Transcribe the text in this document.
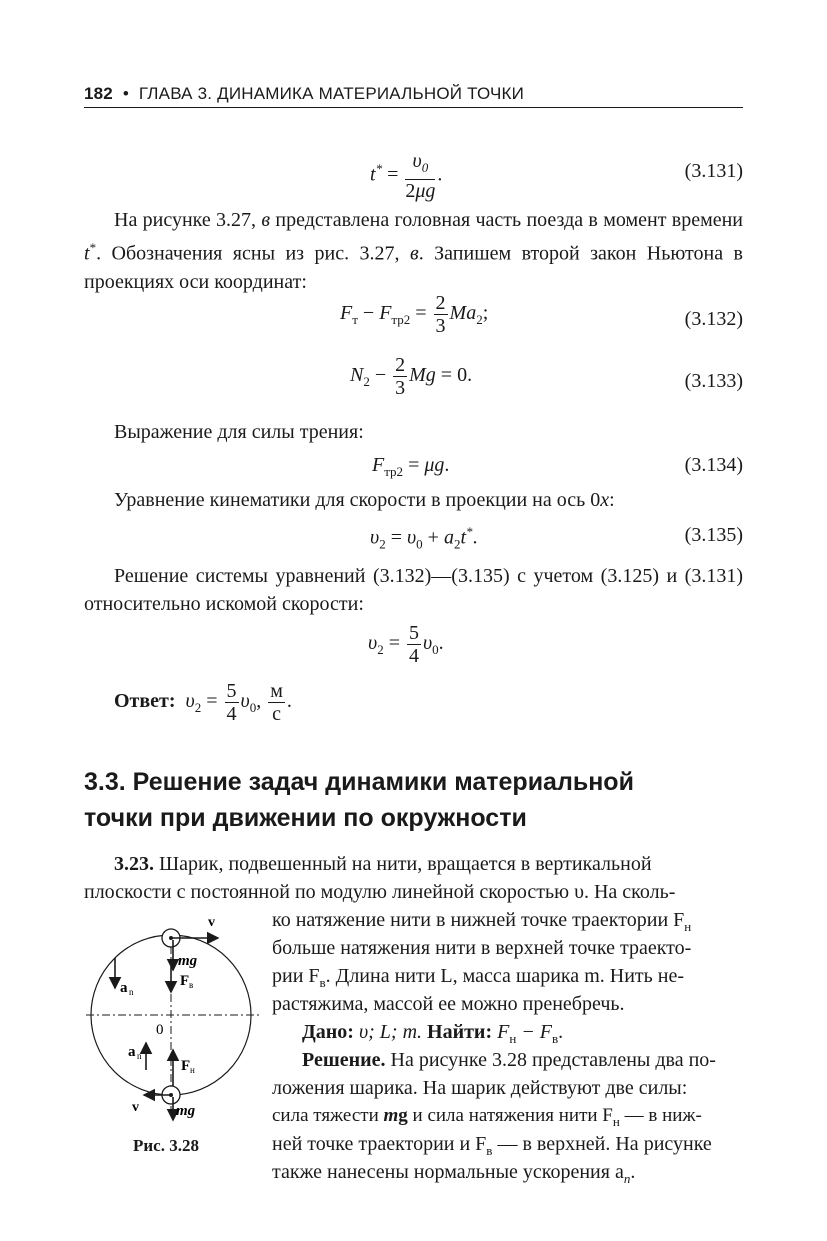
182 • ГЛАВА 3. ДИНАМИКА МАТЕРИАЛЬНОЙ ТОЧКИ
$t^* = \frac{\upsilon_0}{2\mu g}$ .	(3.131)
На рисунке 3.27, в представлена головная часть поезда в момент времени t*. Обозначения ясны из рис. 3.27, в. Запишем второй закон Ньютона в проекциях оси координат:
$F_т - F_{тр2} = \frac{2}{3} Ma_2$;	(3.132)
$N_2 - \frac{2}{3}$ Mg = 0.	(3.133)
Выражение для силы трения:
$F_{тр2} = \mu g$.	(3.134)
Уравнение кинематики для скорости в проекции на ось 0x:
$\upsilon_2 = \upsilon_0 + a_2t^*$.	(3.135)
Решение системы уравнений (3.132)—(3.135) с учетом (3.125) и (3.131) относительно искомой скорости:
$\upsilon_2 = \frac{5}{4} \upsilon_0$.
Ответ:  $\upsilon_2 = \frac{5}{4} \upsilon_0$, $\frac{м}{с}$ .
3.3. Решение задач динамики материальной
точки при движении по окружности
3.23. Шарик, подвешенный на нити, вращается в вертикальной
плоскости с постоянной по модулю линейной скоростью υ. На сколь-
ко натяжение нити в нижней точке траектории $F_н$
больше натяжения нити в верхней точке траекто-
рии $F_в$. Длина нити L, масса шарика m. Нить не-
растяжима, массой ее можно пренебречь.
Дано: υ; L; m. Найти: $F_н - F_в$.
Решение. На рисунке 3.28 представлены два по-
ложения шарика. На шарик действуют две силы:
сила тяжести mg и сила натяжения нити $F_н$ — в ниж-
ней точке траектории и $F_в$ — в верхней. На рисунке
также нанесены нормальные ускорения $a_n$.
v
mg
F в
a n
0
a n
F н
v mg
Рис. 3.28
